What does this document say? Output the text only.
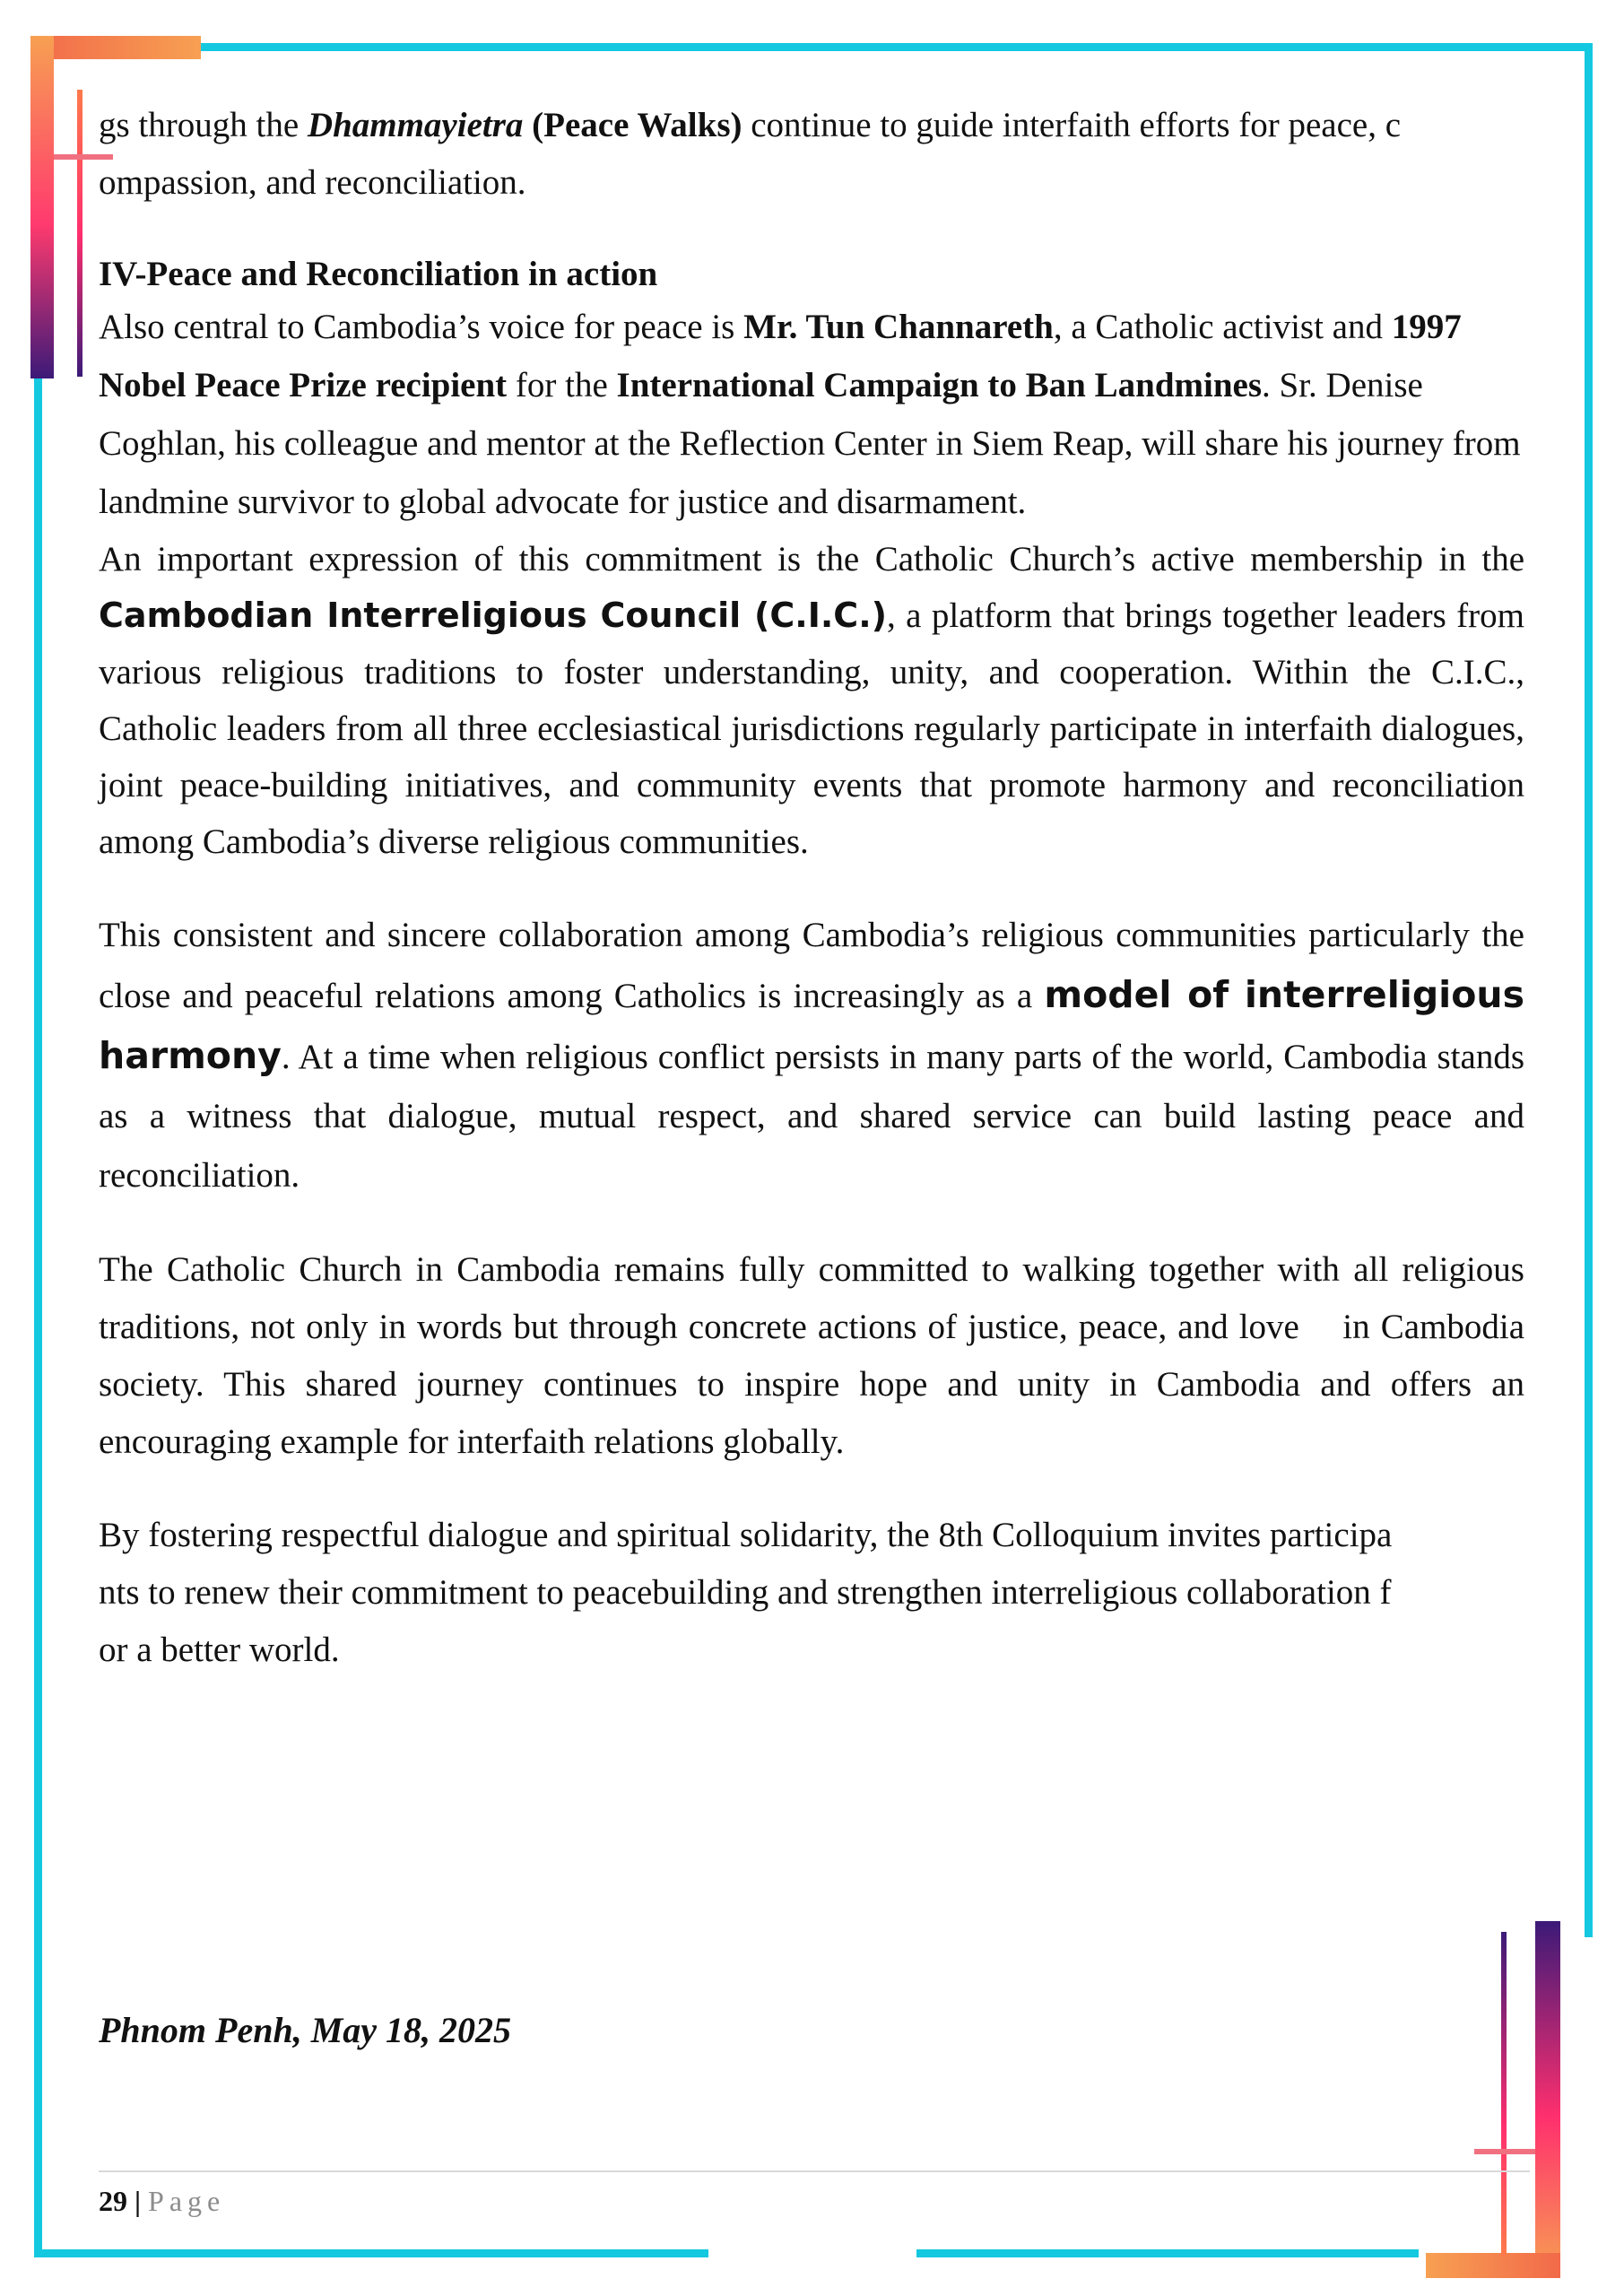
gs through the Dhammayietra (Peace Walks) continue to guide interfaith efforts for peace, c
ompassion, and reconciliation.

IV-Peace and Reconciliation in action

Also central to Cambodia’s voice for peace is Mr. Tun Channareth, a Catholic activist and 1997 Nobel Peace Prize recipient for the International Campaign to Ban Landmines. Sr. Denise Coghlan, his colleague and mentor at the Reflection Center in Siem Reap, will share his journey from landmine survivor to global advocate for justice and disarmament.

An important expression of this commitment is the Catholic Church’s active membership in the Cambodian Interreligious Council (C.I.C.), a platform that brings together leaders from various religious traditions to foster understanding, unity, and cooperation. Within the C.I.C., Catholic leaders from all three ecclesiastical jurisdictions regularly participate in interfaith dialogues, joint peace-building initiatives, and community events that promote harmony and reconciliation among Cambodia’s diverse religious communities.

This consistent and sincere collaboration among Cambodia’s religious communities particularly the close and peaceful relations among Catholics is increasingly as a model of interreligious harmony. At a time when religious conflict persists in many parts of the world, Cambodia stands as a witness that dialogue, mutual respect, and shared service can build lasting peace and reconciliation.

The Catholic Church in Cambodia remains fully committed to walking together with all religious traditions, not only in words but through concrete actions of justice, peace, and love    in Cambodia society. This shared journey continues to inspire hope and unity in Cambodia and offers an encouraging example for interfaith relations globally.

By fostering respectful dialogue and spiritual solidarity, the 8th Colloquium invites participa
nts to renew their commitment to peacebuilding and strengthen interreligious collaboration f
or a better world.

Phnom Penh, May 18, 2025
29 | Page
